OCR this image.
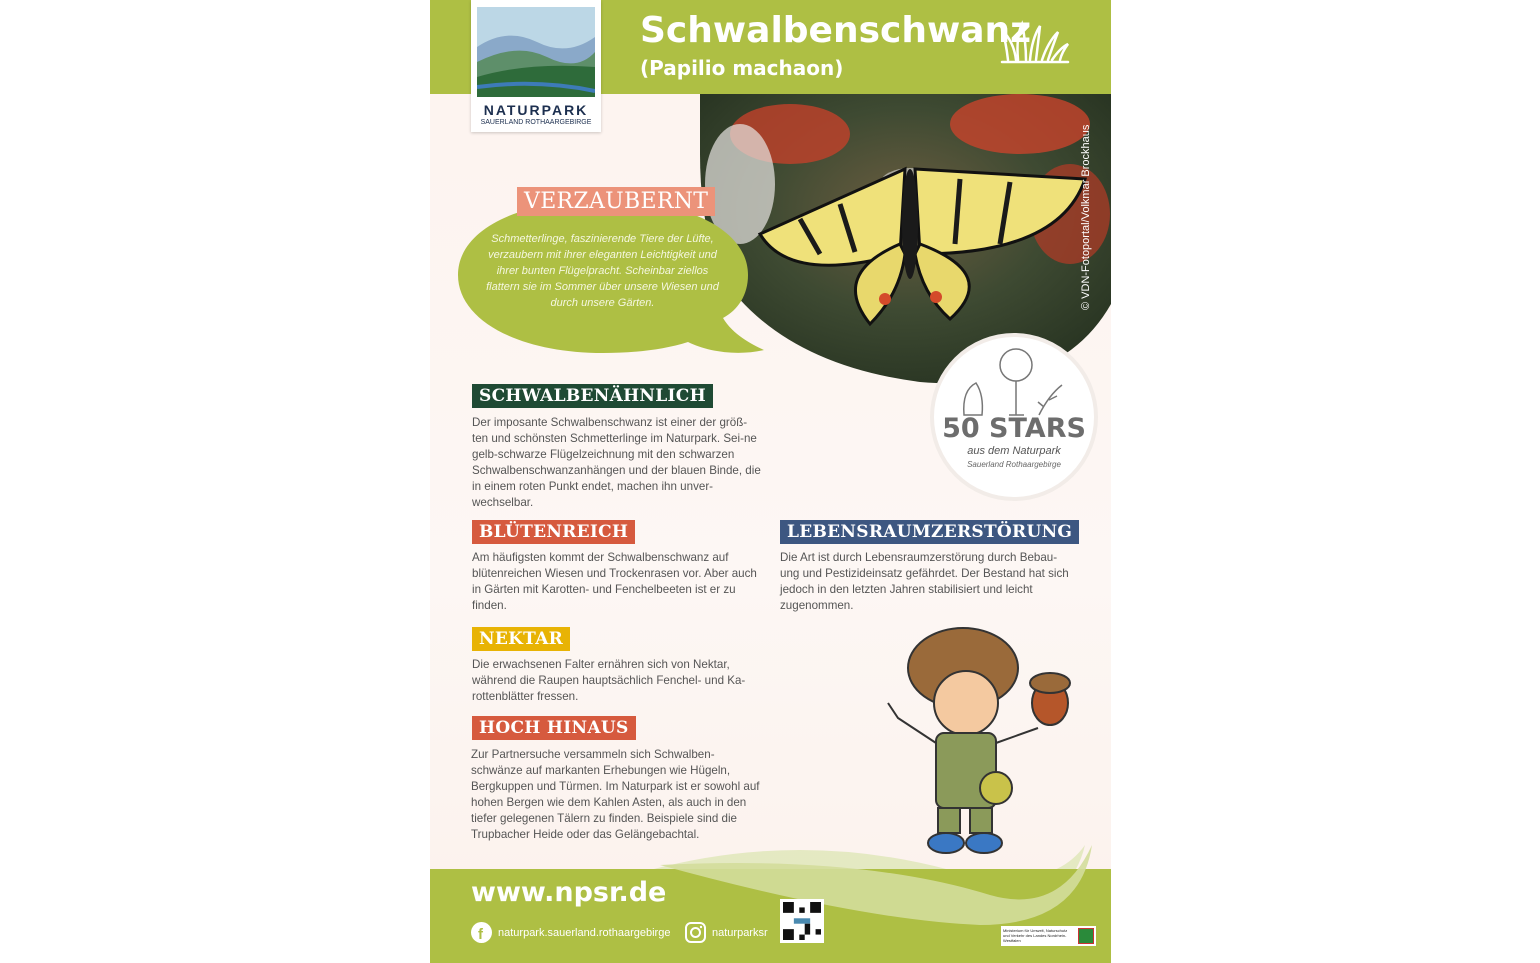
Schwalbenschwanz
(Papilio machaon)
© VDN-Fotoportal/Volkmar Brockhaus
NATURPARK
SAUERLAND ROTHAARGEBIRGE
VERZAUBERNT
Schmetterlinge, faszinierende Tiere der Lüfte, verzaubern mit ihrer eleganten Leichtigkeit und ihrer bunten Flügelpracht. Scheinbar ziellos flattern sie im Sommer über unsere Wiesen und durch unsere Gärten.
50 STARS
aus dem Naturpark
Sauerland Rothaargebirge
SCHWALBENÄHNLICH
Der imposante Schwalbenschwanz ist einer der größ-ten und schönsten Schmetterlinge im Naturpark. Sei-ne gelb-schwarze Flügelzeichnung mit den schwarzen Schwalbenschwanzanhängen und der blauen Binde, die in einem roten Punkt endet, machen ihn unver-wechselbar.
BLÜTENREICH
Am häufigsten kommt der Schwalbenschwanz auf blütenreichen Wiesen und Trockenrasen vor. Aber auch in Gärten mit Karotten- und Fenchelbeeten ist er zu finden.
NEKTAR
Die erwachsenen Falter ernähren sich von Nektar, während die Raupen hauptsächlich Fenchel- und Ka-rottenblätter fressen.
HOCH HINAUS
Zur Partnersuche versammeln sich Schwalben-schwänze auf markanten Erhebungen wie Hügeln, Bergkuppen und Türmen. Im Naturpark ist er sowohl auf hohen Bergen wie dem Kahlen Asten, als auch in den tiefer gelegenen Tälern zu finden. Beispiele sind die Trupbacher Heide oder das Gelängebachtal.
LEBENSRAUMZERSTÖRUNG
Die Art ist durch Lebensraumzerstörung durch Bebau-ung und Pestizideinsatz gefährdet. Der Bestand hat sich jedoch in den letzten Jahren stabilisiert und leicht zugenommen.
www.npsr.de
f naturpark.sauerland.rothaargebirge	naturparksr	Ministerium für Umwelt, Naturschutz und Verkehr des Landes Nordrhein-Westfalen
